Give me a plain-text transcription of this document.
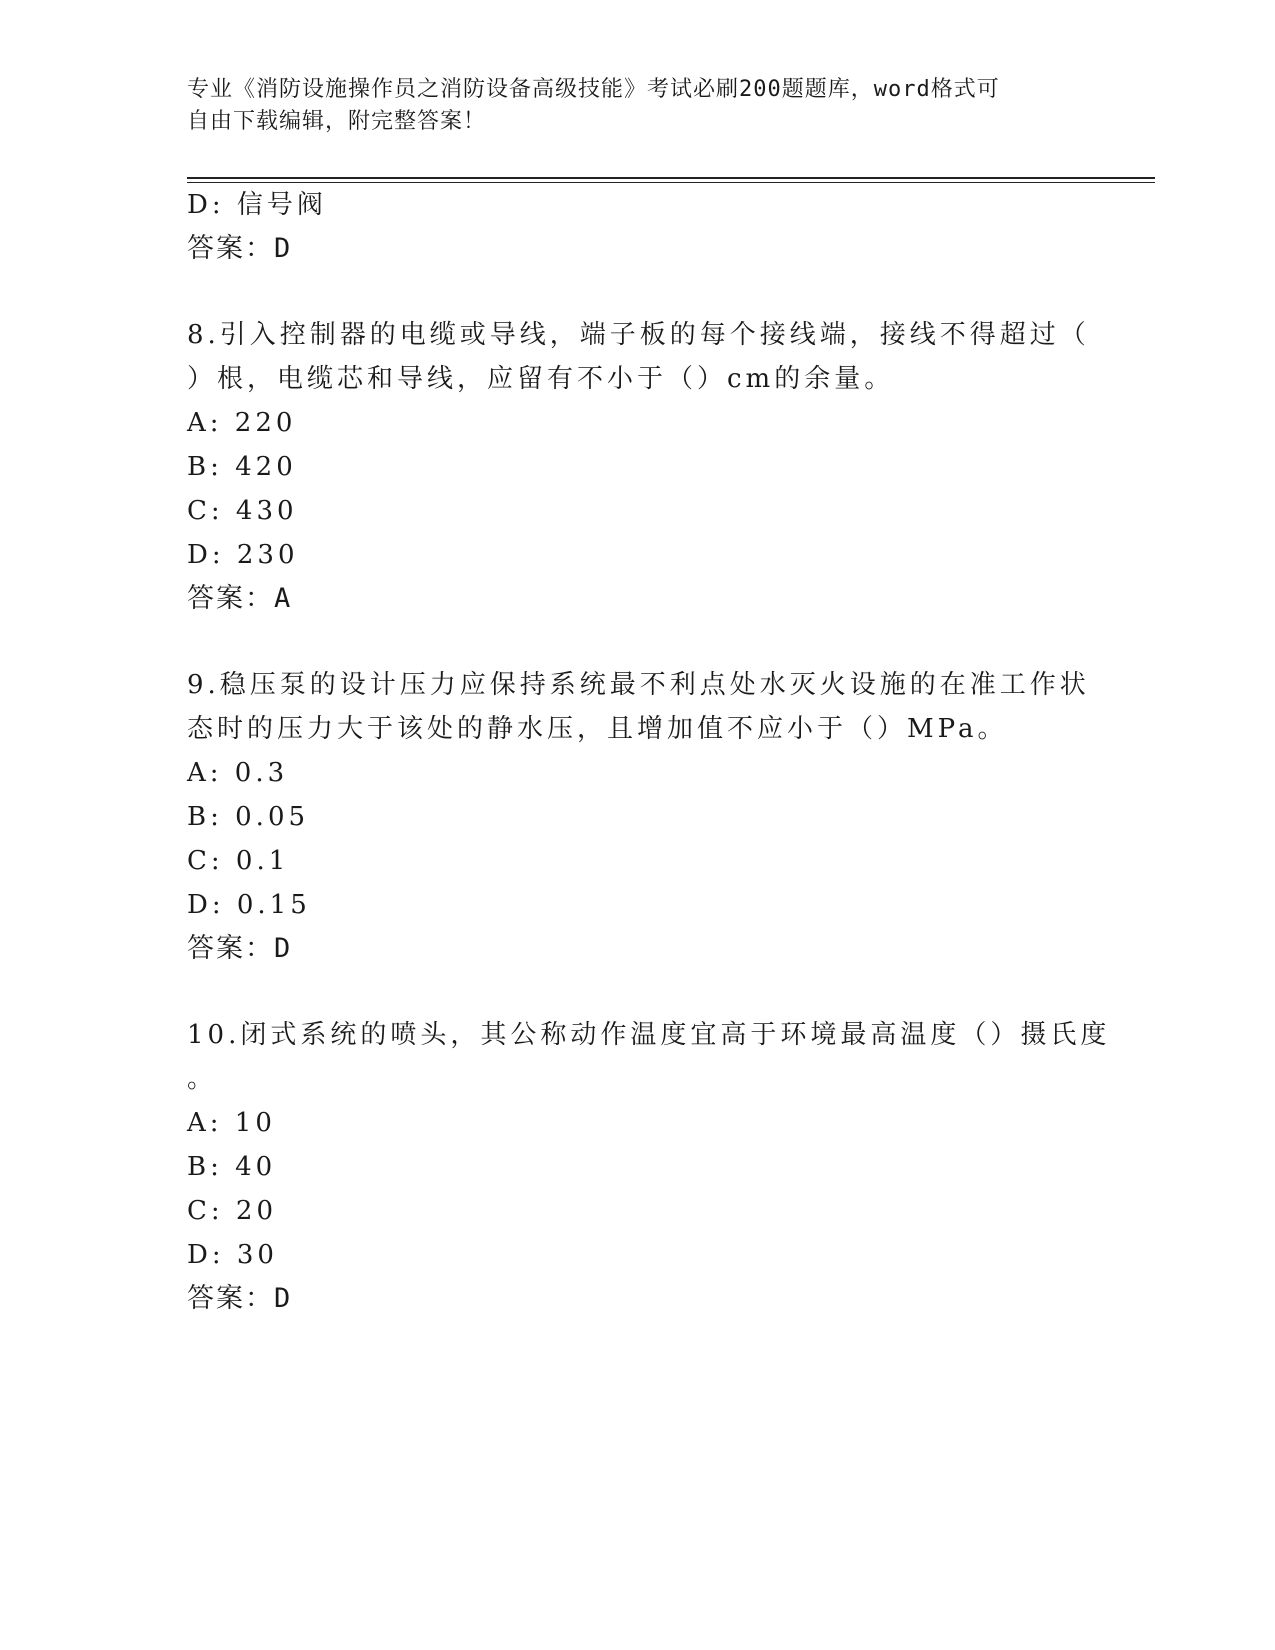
专业《消防设施操作员之消防设备高级技能》考试必刷200题题库，word格式可
自由下载编辑，附完整答案！
D: 信号阀
答案：D
8.引入控制器的电缆或导线，端子板的每个接线端，接线不得超过（
）根，电缆芯和导线，应留有不小于（）cm的余量。
A: 220
B: 420
C: 430
D: 230
答案：A
9.稳压泵的设计压力应保持系统最不利点处水灭火设施的在准工作状
态时的压力大于该处的静水压，且增加值不应小于（）MPa。
A: 0.3
B: 0.05
C: 0.1
D: 0.15
答案：D
10.闭式系统的喷头，其公称动作温度宜高于环境最高温度（）摄氏度
。
A: 10
B: 40
C: 20
D: 30
答案：D
